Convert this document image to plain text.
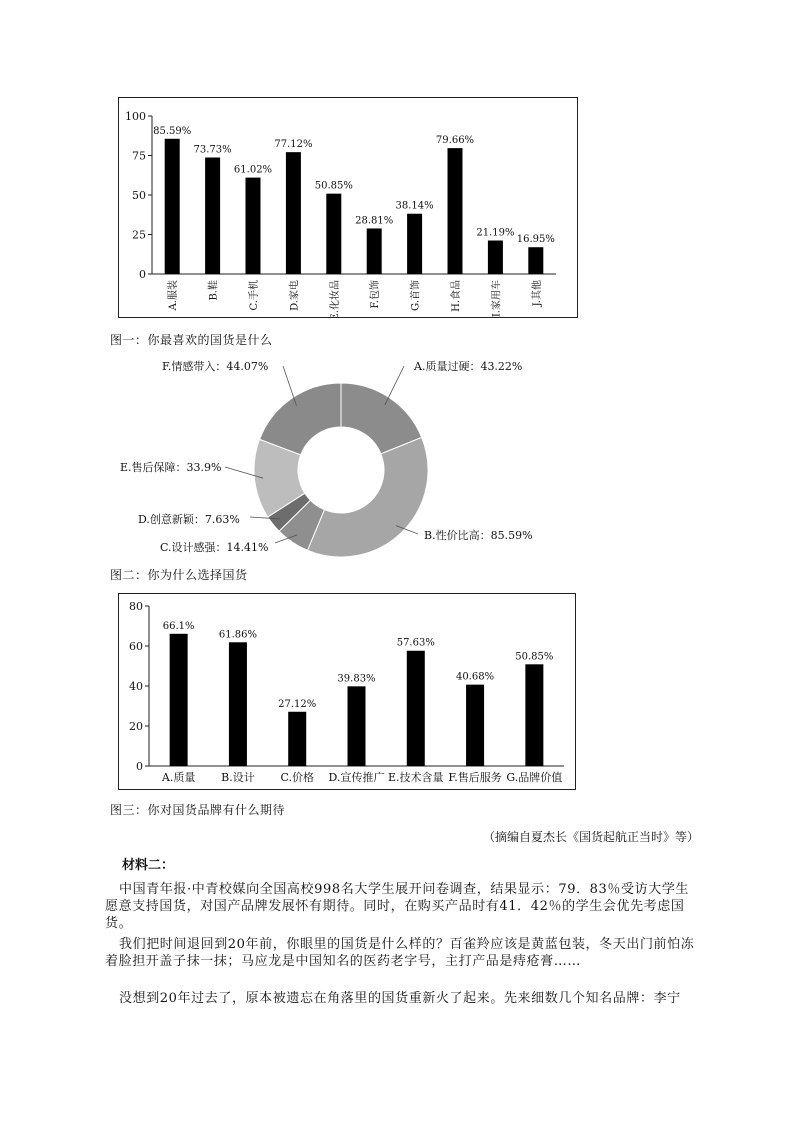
0
25
50
75
100
85.59%
A.服装
73.73%
B.鞋
61.02%
C.手机
77.12%
D.家电
50.85%
E.化妆品
28.81%
F.包饰
38.14%
G.首饰
79.66%
H.食品
21.19%
I.家用车
16.95%
J.其他
图一：你最喜欢的国货是什么
A.质量过硬：43.22%
B.性价比高：85.59%
C.设计感强：14.41%
D.创意新颖：7.63%
E.售后保障：33.9%
F.情感带入：44.07%
图二：你为什么选择国货
0
20
40
60
80
66.1%
A.质量
61.86%
B.设计
27.12%
C.价格
39.83%
D.宣传推广
57.63%
E.技术含量
40.68%
F.售后服务
50.85%
G.品牌价值
图三：你对国货品牌有什么期待
（摘编自夏杰长《国货起航正当时》等）
材料二：

中国青年报·中青校媒向全国高校998名大学生展开问卷调查，结果显示：79．83％受访大学生愿意支持国货，对国产品牌发展怀有期待。同时，在购买产品时有41．42％的学生会优先考虑国货。

我们把时间退回到20年前，你眼里的国货是什么样的？百雀羚应该是黄蓝包装，冬天出门前怕冻着脸担开盖子抹一抹；马应龙是中国知名的医药老字号，主打产品是痔疮膏……

没想到20年过去了，原本被遗忘在角落里的国货重新火了起来。先来细数几个知名品牌：李宁
